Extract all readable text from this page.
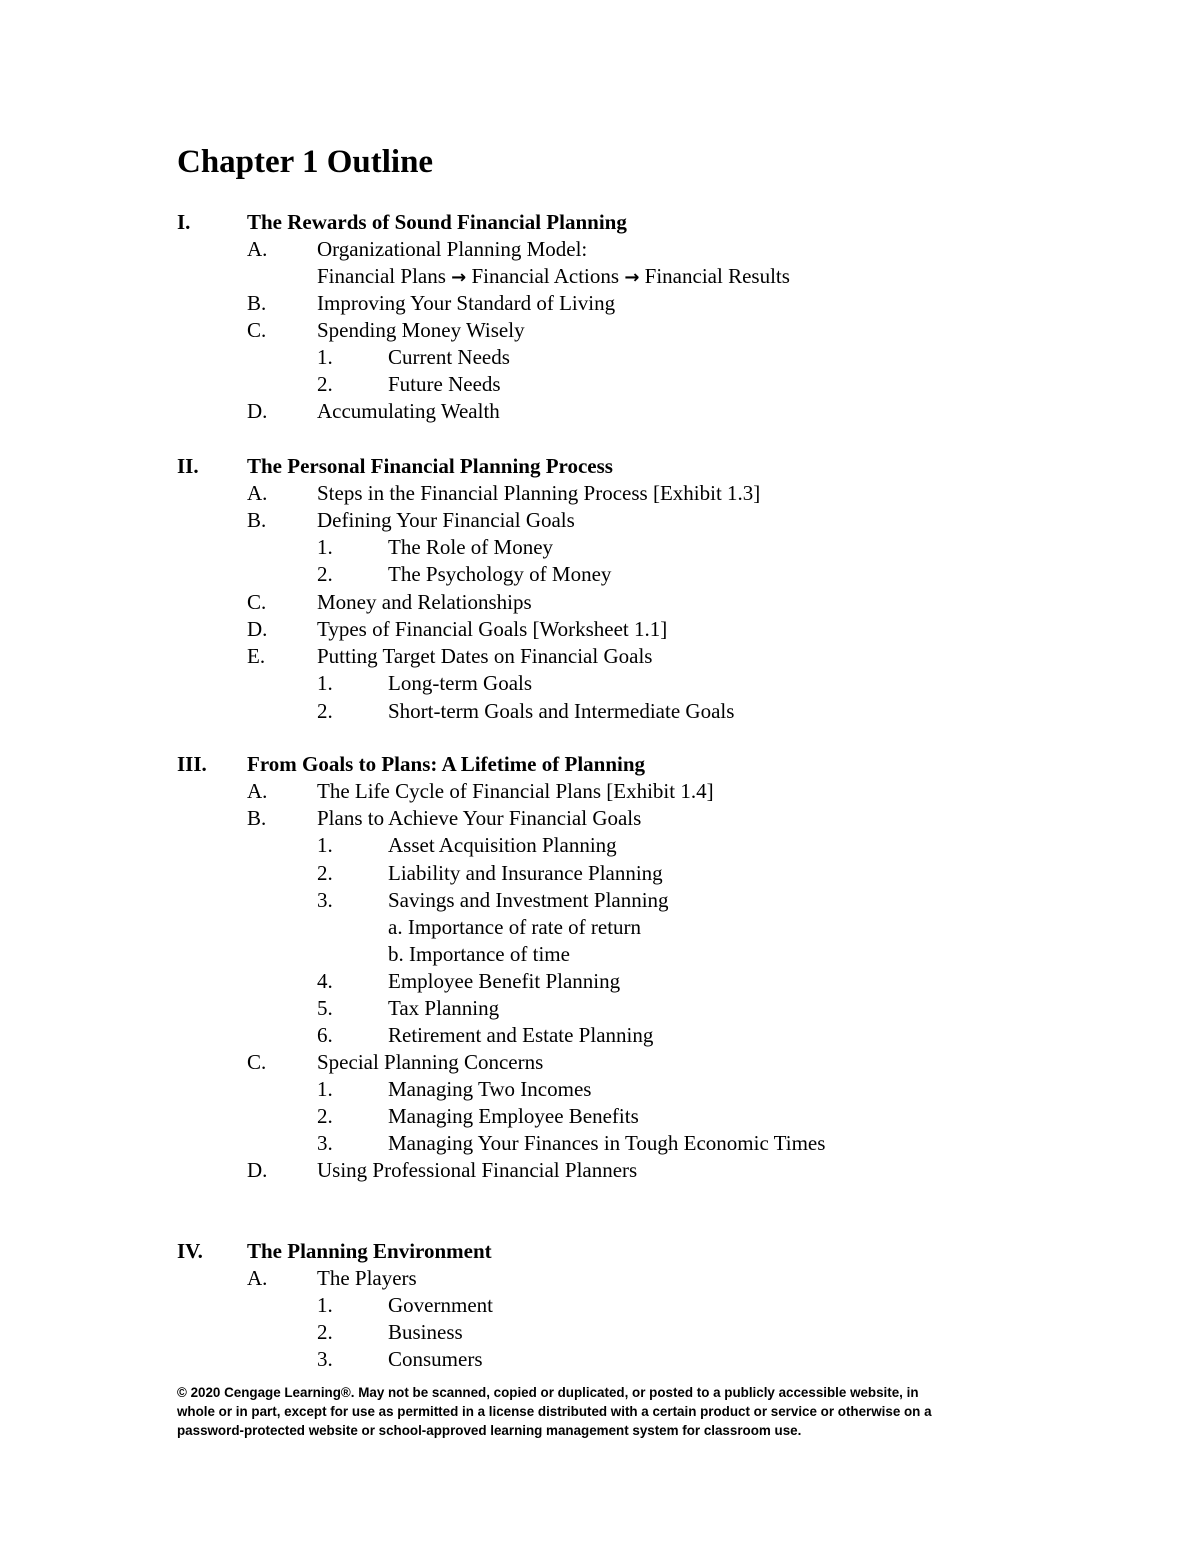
Chapter 1 Outline
I.	The Rewards of Sound Financial Planning
A. Organizational Planning Model:
Financial Plans → Financial Actions → Financial Results
B. Improving Your Standard of Living
C. Spending Money Wisely
1.	Current Needs
2.	Future Needs
D. Accumulating Wealth
II. The Personal Financial Planning Process
A. Steps in the Financial Planning Process [Exhibit 1.3]
B. Defining Your Financial Goals
1.	The Role of Money
2.	The Psychology of Money
C. Money and Relationships
D. Types of Financial Goals [Worksheet 1.1]
E. Putting Target Dates on Financial Goals
1.	Long-term Goals
2.	Short-term Goals and Intermediate Goals
III. From Goals to Plans: A Lifetime of Planning
A. The Life Cycle of Financial Plans [Exhibit 1.4]
B. Plans to Achieve Your Financial Goals
1.	Asset Acquisition Planning
2.	Liability and Insurance Planning
3.	Savings and Investment Planning
a. Importance of rate of return
b. Importance of time
4.	Employee Benefit Planning
5.	Tax Planning
6.	Retirement and Estate Planning
C. Special Planning Concerns
1.	Managing Two Incomes
2.	Managing Employee Benefits
3.	Managing Your Finances in Tough Economic Times
D. Using Professional Financial Planners
IV. The Planning Environment
A. The Players
1.	Government
2.	Business
3.	Consumers
© 2020 Cengage Learning®. May not be scanned, copied or duplicated, or posted to a publicly accessible website, in
whole or in part, except for use as permitted in a license distributed with a certain product or service or otherwise on a
password-protected website or school-approved learning management system for classroom use.
